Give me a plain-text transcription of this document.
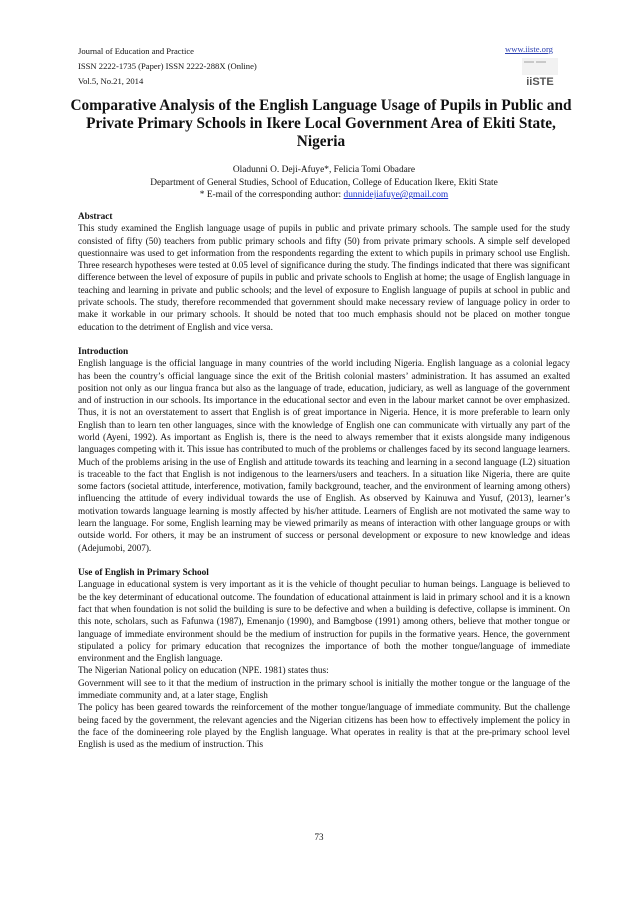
Journal of Education and Practice
ISSN 2222-1735 (Paper) ISSN 2222-288X (Online)
Vol.5, No.21, 2014
www.iiste.org
iiSTE
Comparative Analysis of the English Language Usage of Pupils in Public and Private Primary Schools in Ikere Local Government Area of Ekiti State, Nigeria
Oladunni O. Deji-Afuye*, Felicia Tomi Obadare
Department of General Studies, School of Education, College of Education Ikere, Ekiti State
* E-mail of the corresponding author: dunnidejiafuye@gmail.com
Abstract

This study examined the English language usage of pupils in public and private primary schools. The sample used for the study consisted of fifty (50) teachers from public primary schools and fifty (50) from private primary schools. A simple self developed questionnaire was used to get information from the respondents regarding the extent to which pupils in primary school use English. Three research hypotheses were tested at 0.05 level of significance during the study. The findings indicated that there was significant difference between the level of exposure of pupils in public and private schools to English at home; the usage of English language in teaching and learning in private and public schools; and the level of exposure to English language of pupils at school in public and private schools. The study, therefore recommended that government should make necessary review of language policy in order to make it workable in our primary schools. It should be noted that too much emphasis should not be placed on mother tongue education to the detriment of English and vice versa.

Introduction

English language is the official language in many countries of the world including Nigeria. English language as a colonial legacy has been the country’s official language since the exit of the British colonial masters’ administration. It has assumed an exalted position not only as our lingua franca but also as the language of trade, education, judiciary, as well as language of the government and of instruction in our schools. Its importance in the educational sector and even in the labour market cannot be over emphasized. Thus, it is not an overstatement to assert that English is of great importance in Nigeria. Hence, it is more preferable to learn only English than to learn ten other languages, since with the knowledge of English one can communicate with virtually any part of the world (Ayeni, 1992). As important as English is, there is the need to always remember that it exists alongside many indigenous languages competing with it. This issue has contributed to much of the problems or challenges faced by its second language learners.

Much of the problems arising in the use of English and attitude towards its teaching and learning in a second language (L2) situation is traceable to the fact that English is not indigenous to the learners/users and teachers. In a situation like Nigeria, there are quite some factors (societal attitude, interference, motivation, family background, teacher, and the environment of learning among others) influencing the attitude of every individual towards the use of English. As observed by Kainuwa and Yusuf, (2013), learner’s motivation towards language learning is mostly affected by his/her attitude. Learners of English are not motivated the same way to learn the language. For some, English learning may be viewed primarily as means of interaction with other language groups or with outside world. For others, it may be an instrument of success or personal development or exposure to new knowledge and ideas (Adejumobi, 2007).

Use of English in Primary School

Language in educational system is very important as it is the vehicle of thought peculiar to human beings. Language is believed to be the key determinant of educational outcome. The foundation of educational attainment is laid in primary school and it is a known fact that when foundation is not solid the building is sure to be defective and when a building is defective, collapse is imminent. On this note, scholars, such as Fafunwa (1987), Emenanjo (1990), and Bamgbose (1991) among others, believe that mother tongue or language of immediate environment should be the medium of instruction for pupils in the formative years. Hence, the government stipulated a policy for primary education that recognizes the importance of both the mother tongue/language of immediate environment and the English language.

The Nigerian National policy on education (NPE. 1981) states thus:

Government will see to it that the medium of instruction in the primary school is initially the mother tongue or the language of the immediate community and, at a later stage, English

The policy has been geared towards the reinforcement of the mother tongue/language of immediate community. But the challenge being faced by the government, the relevant agencies and the Nigerian citizens has been how to effectively implement the policy in the face of the domineering role played by the English language. What operates in reality is that at the pre-primary school level English is used as the medium of instruction. This

73
